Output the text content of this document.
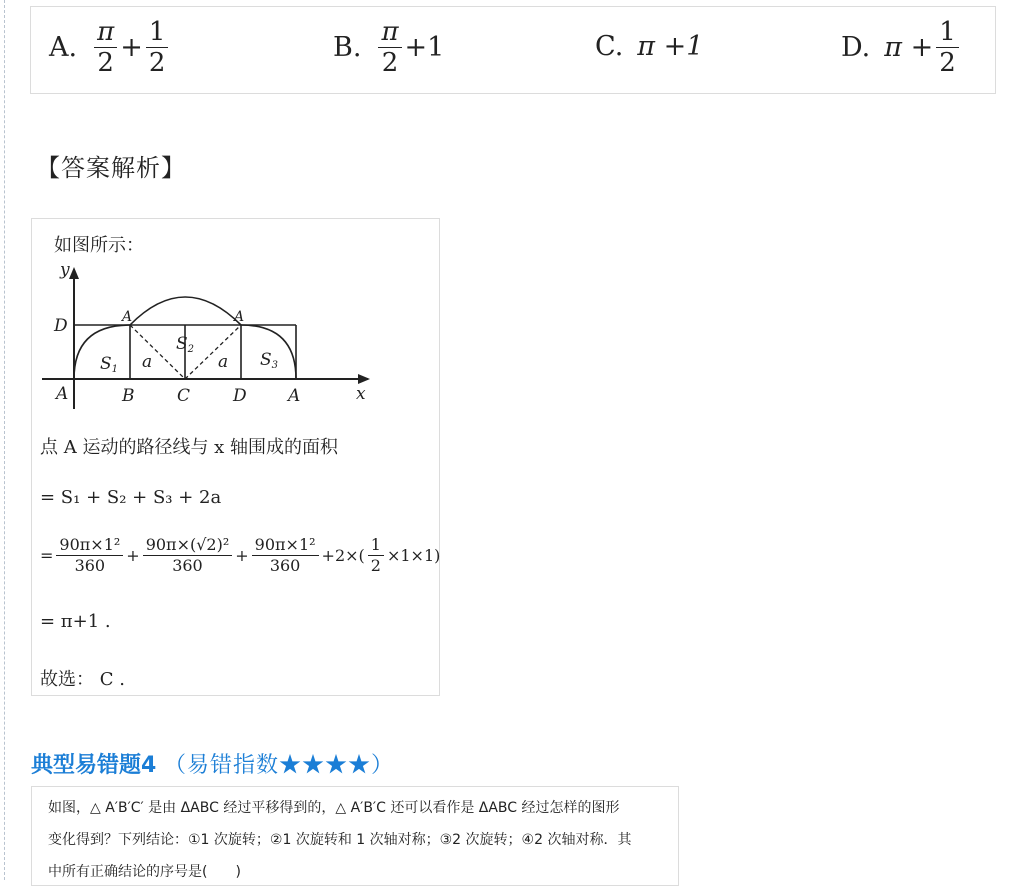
A. $\frac{\pi}{2} + \frac{1}{2}$	B. $\frac{\pi}{2} +1$	C. π +1	D. $\pi + \frac{1}{2}$
【答案解析】
如图所示：
y
x
D
A	B	C	D A
A	A
S1 a
S2
a S3
点 A 运动的路径线与 x 轴围成的面积
= S₁ + S₂ + S₃ + 2a
= $\frac{\text{90π×1²}}{360} + \frac{\text{90π×(√2)²}}{360} + \frac{\text{90π×1²}}{360} +2\times( \frac{1}{2} \times 1\times 1)$
= π+1 .
故选： C .
典型易错题4 （易错指数★★★★）

如图，△ A′B′C′ 是由 ΔABC 经过平移得到的，△ A′B′C 还可以看作是 ΔABC 经过怎样的图形

变化得到？下列结论：①1 次旋转；②1 次旋转和 1 次轴对称；③2 次旋转；④2 次轴对称．其

中所有正确结论的序号是(　　)
